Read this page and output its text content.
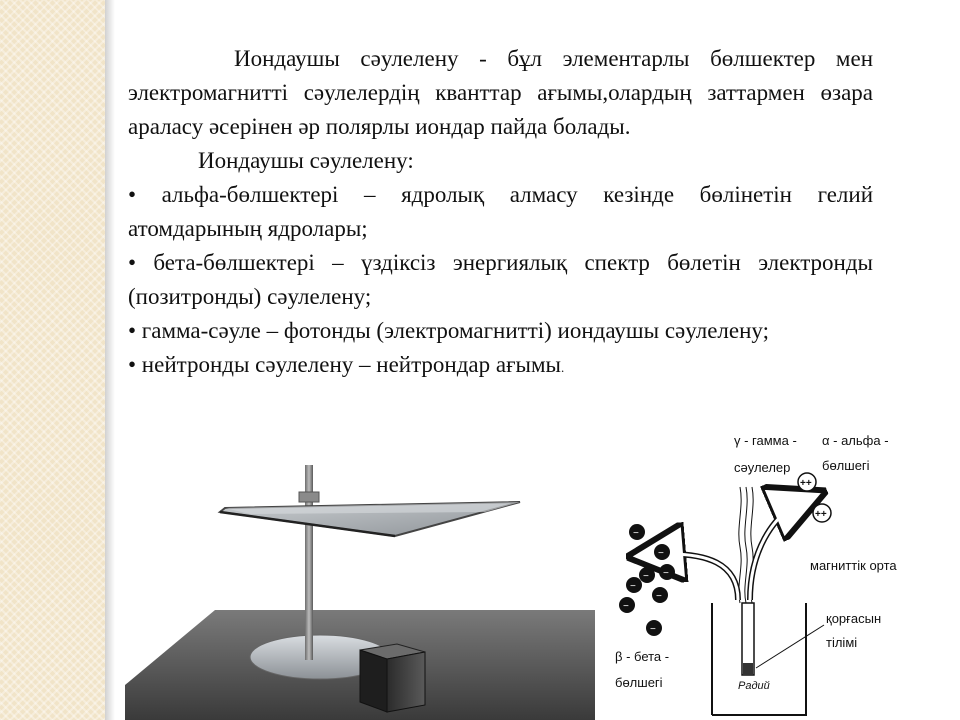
Иондаушы сәулелену - бұл элементарлы бөлшектер мен электромагнитті сәулелердің кванттар ағымы,олардың заттармен өзара араласу әсерінен әр полярлы иондар пайда болады.

Иондаушы сәулелену:

• альфа-бөлшектері – ядролық алмасу кезінде бөлінетін гелий атомдарының ядролары;

• бета-бөлшектері – үздіксіз энергиялық спектр бөлетін электронды (позитронды) сәулелену;

• гамма-сәуле – фотонды (электромагнитті) иондаушы сәулелену;

• нейтронды сәулелену – нейтрондар ағымы.

Радий
++
++
−
−
− −
−
−
−
−
γ - гамма -
сәулелер
α - альфа -
бөлшегі
магниттік орта
қорғасын
тілімі
β - бета -
бөлшегі
